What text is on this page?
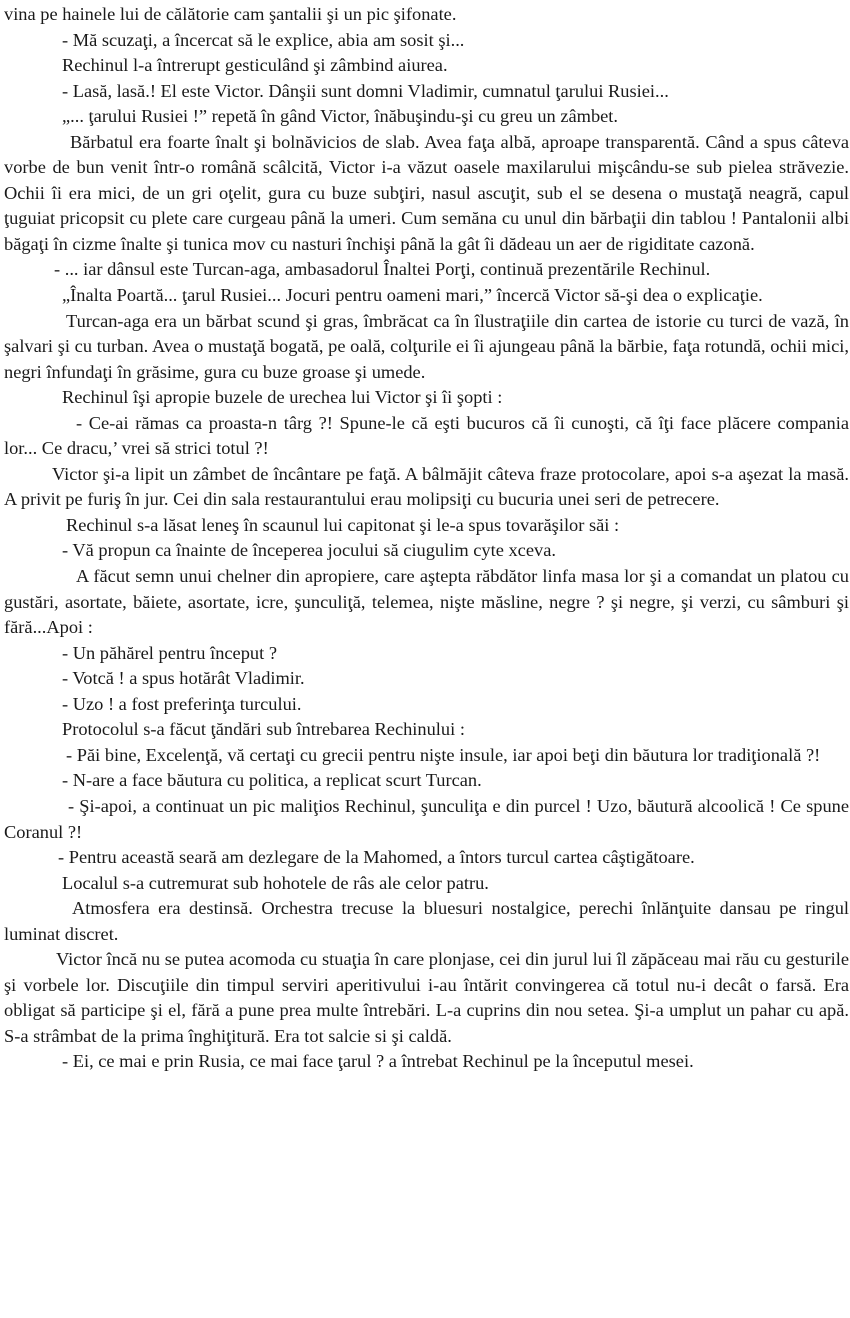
vina pe hainele lui de călătorie cam şantalii şi un pic şifonate.

- Mă scuzaţi, a încercat să le explice, abia am sosit şi...

Rechinul l-a întrerupt gesticulând şi zâmbind aiurea.

- Lasă, lasă.! El este Victor. Dânşii sunt domni Vladimir, cumnatul ţarului Rusiei...

„... ţarului Rusiei !” repetă în gând Victor, înăbuşindu-şi cu greu un zâmbet.

Bărbatul era foarte înalt şi bolnăvicios de slab. Avea faţa albă, aproape transparentă. Când a spus câteva vorbe de bun venit într-o română scâlcită, Victor i-a văzut oasele maxilarului mişcându-se sub pielea străvezie. Ochii îi era mici, de un gri oţelit, gura cu buze subţiri, nasul ascuţit, sub el se desena o mustaţă neagră, capul ţuguiat pricopsit cu plete care curgeau până la umeri. Cum semăna cu unul din bărbaţii din tablou ! Pantalonii albi băgaţi în cizme înalte şi tunica mov cu nasturi închişi până la gât îi dădeau un aer de rigiditate cazonă.

- ... iar dânsul este Turcan-aga, ambasadorul Înaltei Porţi, continuă prezentările Rechinul.

„Înalta Poartă... ţarul Rusiei... Jocuri pentru oameni mari,” încercă Victor să-şi dea o explicaţie.

Turcan-aga era un bărbat scund şi gras, îmbrăcat ca în îlustraţiile din cartea de istorie cu turci de vază, în şalvari şi cu turban. Avea o mustaţă bogată, pe oală, colţurile ei îi ajungeau până la bărbie, faţa rotundă, ochii mici, negri înfundaţi în grăsime, gura cu buze groase şi umede.

Rechinul îşi apropie buzele de urechea lui Victor şi îi şopti :

- Ce-ai rămas ca proasta-n târg ?! Spune-le că eşti bucuros că îi cunoşti, că îţi face plăcere compania lor... Ce dracu,’ vrei să strici totul ?!

Victor şi-a lipit un zâmbet de încântare pe faţă. A bâlmăjit câteva fraze protocolare, apoi s-a aşezat la masă. A privit pe furiş în jur. Cei din sala restaurantului erau molipsiţi cu bucuria unei seri de petrecere.

Rechinul s-a lăsat leneş în scaunul lui capitonat şi le-a spus tovarăşilor săi :

- Vă propun ca înainte de începerea jocului să ciugulim cyte xceva.

A făcut semn unui chelner din apropiere, care aştepta răbdător linfa masa lor şi a comandat un platou cu gustări, asortate, băiete, asortate, icre, şunculiţă, telemea, nişte măsline, negre ? şi negre, şi verzi, cu sâmburi şi fără...Apoi :

- Un păhărel pentru început ?

- Votcă ! a spus hotărât Vladimir.

- Uzo ! a fost preferinţa turcului.

Protocolul s-a făcut ţăndări sub întrebarea Rechinului :

- Păi bine, Excelenţă, vă certaţi cu grecii pentru nişte insule, iar apoi beţi din băutura lor tradiţională ?!

- N-are a face băutura cu politica, a replicat scurt Turcan.

- Şi-apoi, a continuat un pic maliţios Rechinul, şunculiţa e din purcel ! Uzo, băutură alcoolică ! Ce spune Coranul ?!

- Pentru această seară am dezlegare de la Mahomed, a întors turcul cartea câştigătoare.

Localul s-a cutremurat sub hohotele de râs ale celor patru.

Atmosfera era destinsă. Orchestra trecuse la bluesuri nostalgice, perechi înlănţuite dansau pe ringul luminat discret.

Victor încă nu se putea acomoda cu stuaţia în care plonjase, cei din jurul lui îl zăpăceau mai rău cu gesturile şi vorbele lor. Discuţiile din timpul serviri aperitivului i-au întărit convingerea că totul nu-i decât o farsă. Era obligat să participe şi el, fără a pune prea multe întrebări. L-a cuprins din nou setea. Şi-a umplut un pahar cu apă. S-a strâmbat de la prima înghiţitură. Era tot salcie si şi caldă.

- Ei, ce mai e prin Rusia, ce mai face ţarul ? a întrebat Rechinul pe la începutul mesei.
